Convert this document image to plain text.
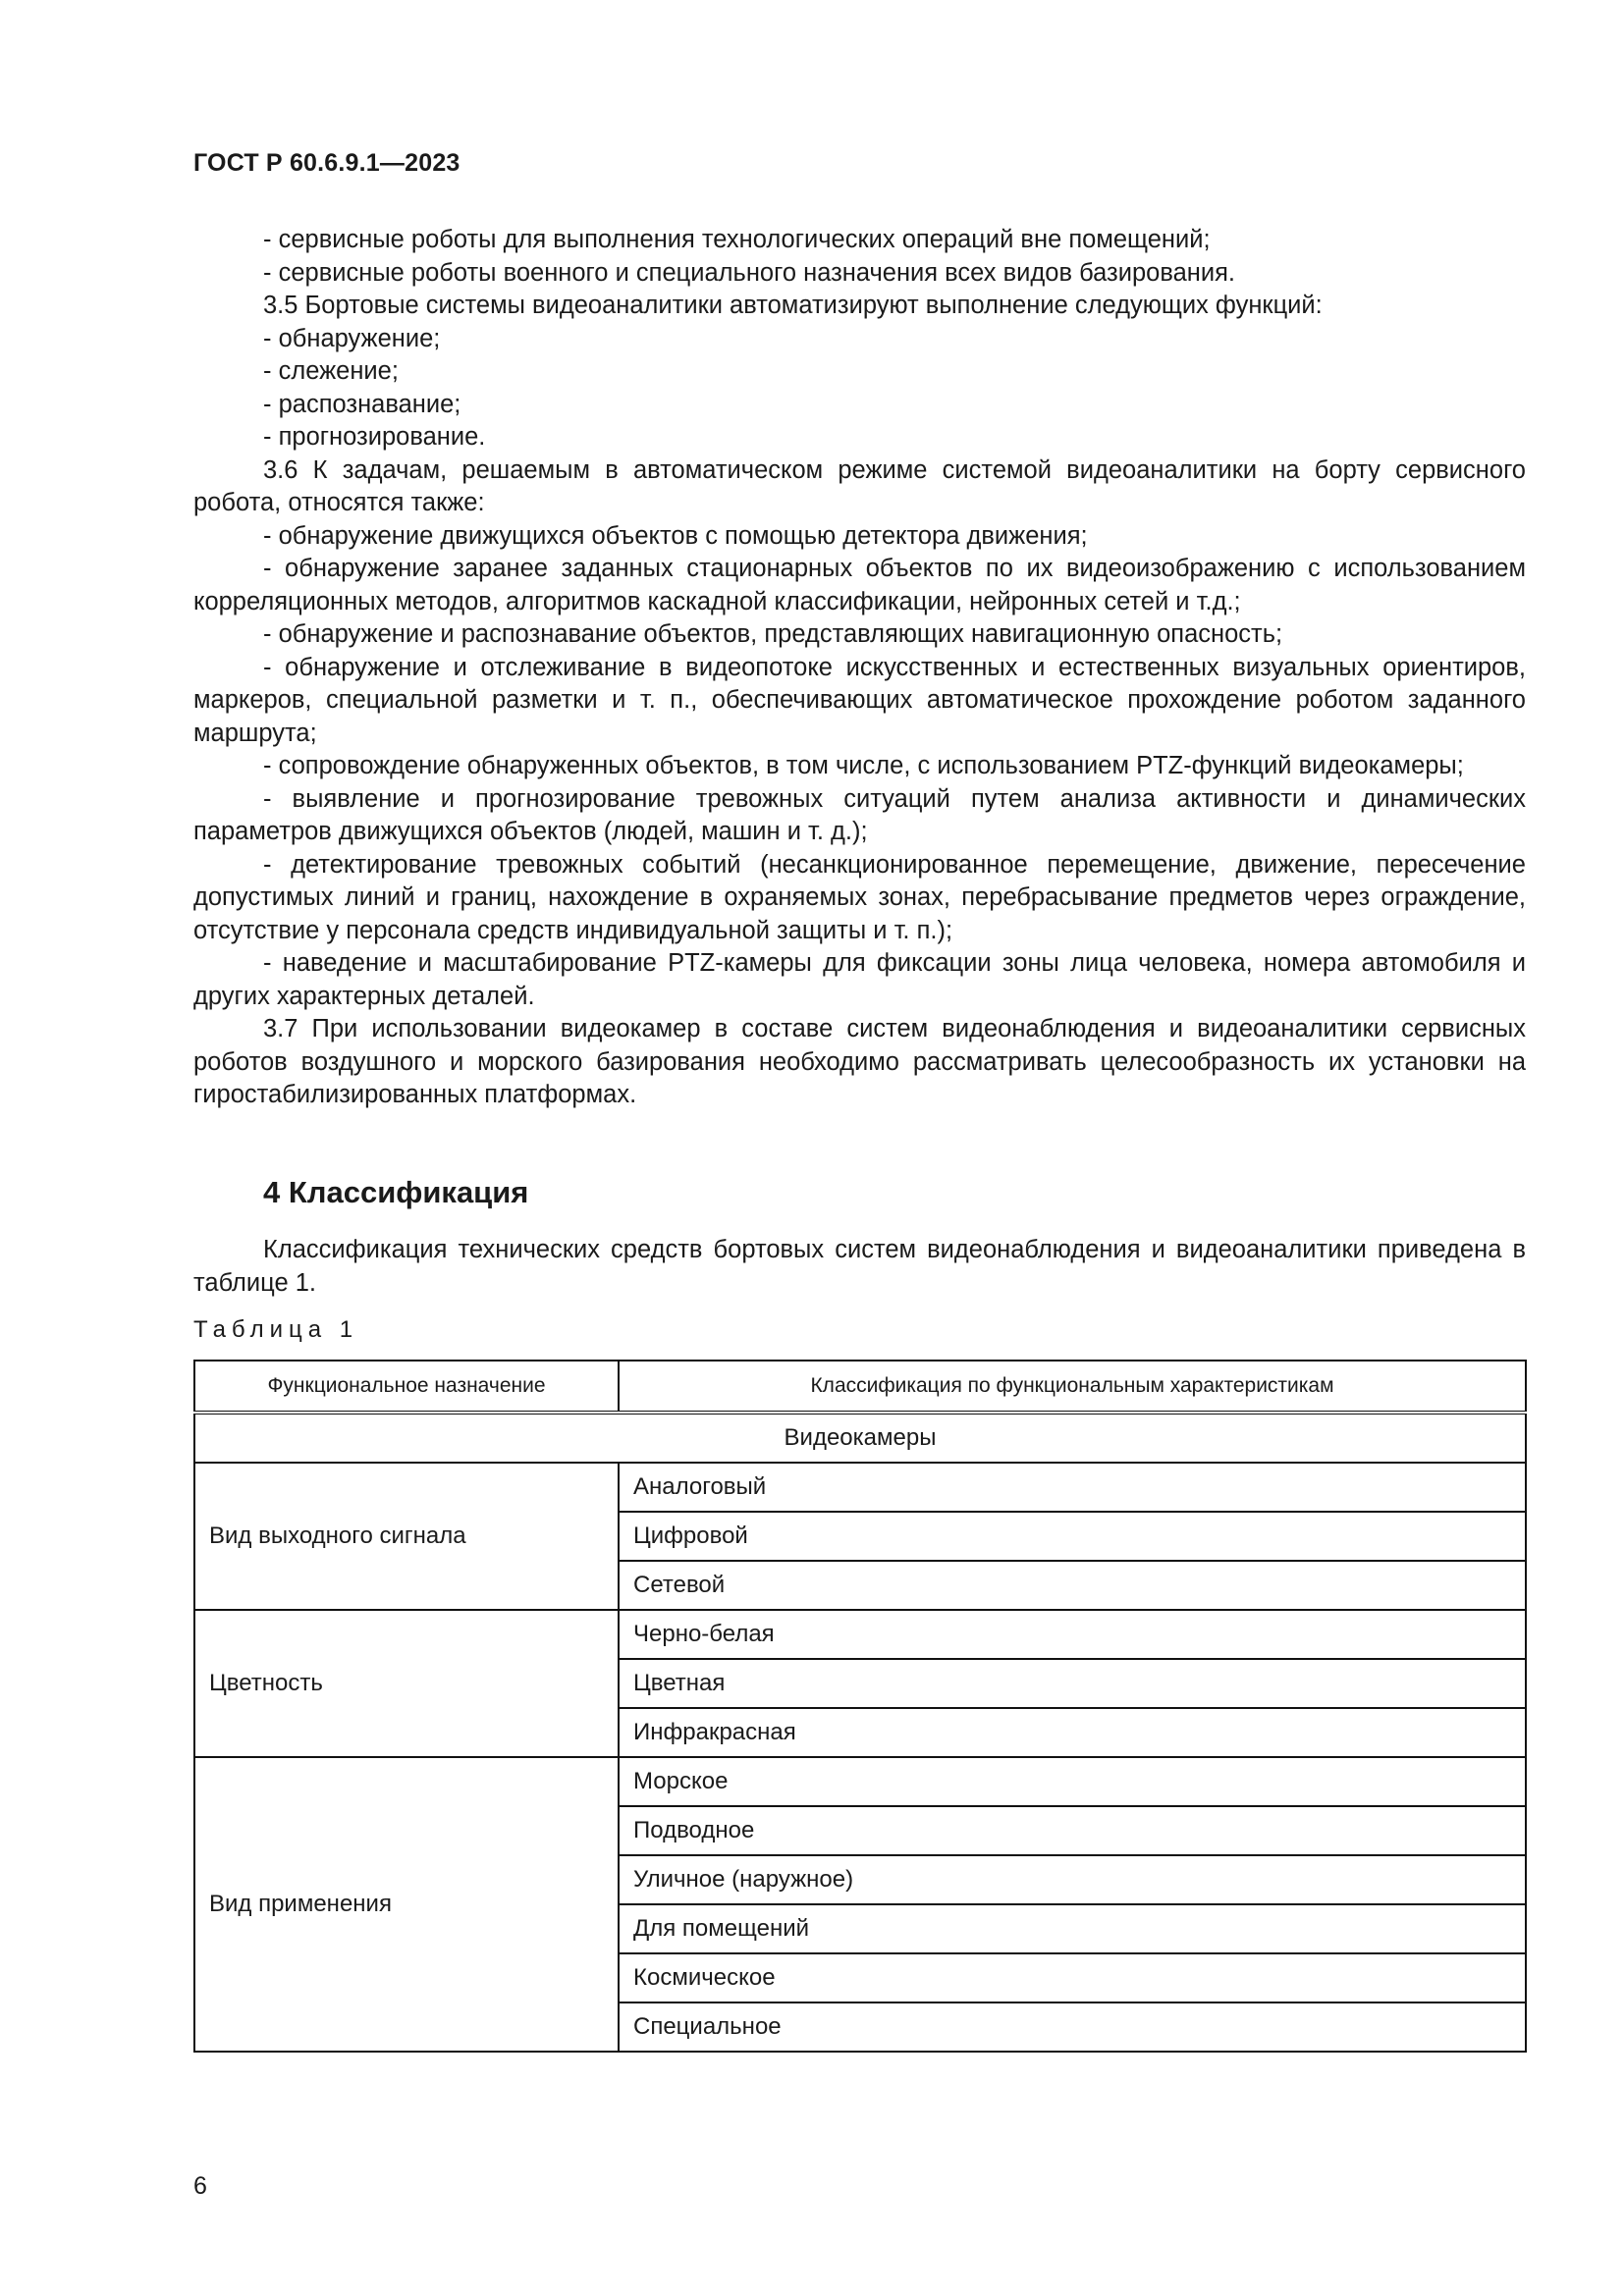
ГОСТ Р 60.6.9.1—2023

- сервисные роботы для выполнения технологических операций вне помещений;

- сервисные роботы военного и специального назначения всех видов базирования.

3.5 Бортовые системы видеоаналитики автоматизируют выполнение следующих функций:

- обнаружение;

- слежение;

- распознавание;

- прогнозирование.

3.6 К задачам, решаемым в автоматическом режиме системой видеоаналитики на борту сервисного робота, относятся также:

- обнаружение движущихся объектов с помощью детектора движения;

- обнаружение заранее заданных стационарных объектов по их видеоизображению с использованием корреляционных методов, алгоритмов каскадной классификации, нейронных сетей и т.д.;

- обнаружение и распознавание объектов, представляющих навигационную опасность;

- обнаружение и отслеживание в видеопотоке искусственных и естественных визуальных ориентиров, маркеров, специальной разметки и т. п., обеспечивающих автоматическое прохождение роботом заданного маршрута;

- сопровождение обнаруженных объектов, в том числе, с использованием PTZ-функций видеокамеры;

- выявление и прогнозирование тревожных ситуаций путем анализа активности и динамических параметров движущихся объектов (людей, машин и т. д.);

- детектирование тревожных событий (несанкционированное перемещение, движение, пересечение допустимых линий и границ, нахождение в охраняемых зонах, перебрасывание предметов через ограждение, отсутствие у персонала средств индивидуальной защиты и т. п.);

- наведение и масштабирование PTZ-камеры для фиксации зоны лица человека, номера автомобиля и других характерных деталей.

3.7 При использовании видеокамер в составе систем видеонаблюдения и видеоаналитики сервисных роботов воздушного и морского базирования необходимо рассматривать целесообразность их установки на гиростабилизированных платформах.

4 Классификация

Классификация технических средств бортовых систем видеонаблюдения и видеоаналитики приведена в таблице 1.

Таблица 1
Функциональное назначение	Классификация по функциональным характеристикам
Видеокамеры	
Вид выходного сигнала	Аналоговый
	Цифровой
	Сетевой
Цветность	Черно-белая
	Цветная
	Инфракрасная
Вид применения	Морское
	Подводное
	Уличное (наружное)
	Для помещений
	Космическое
	Специальное
6
